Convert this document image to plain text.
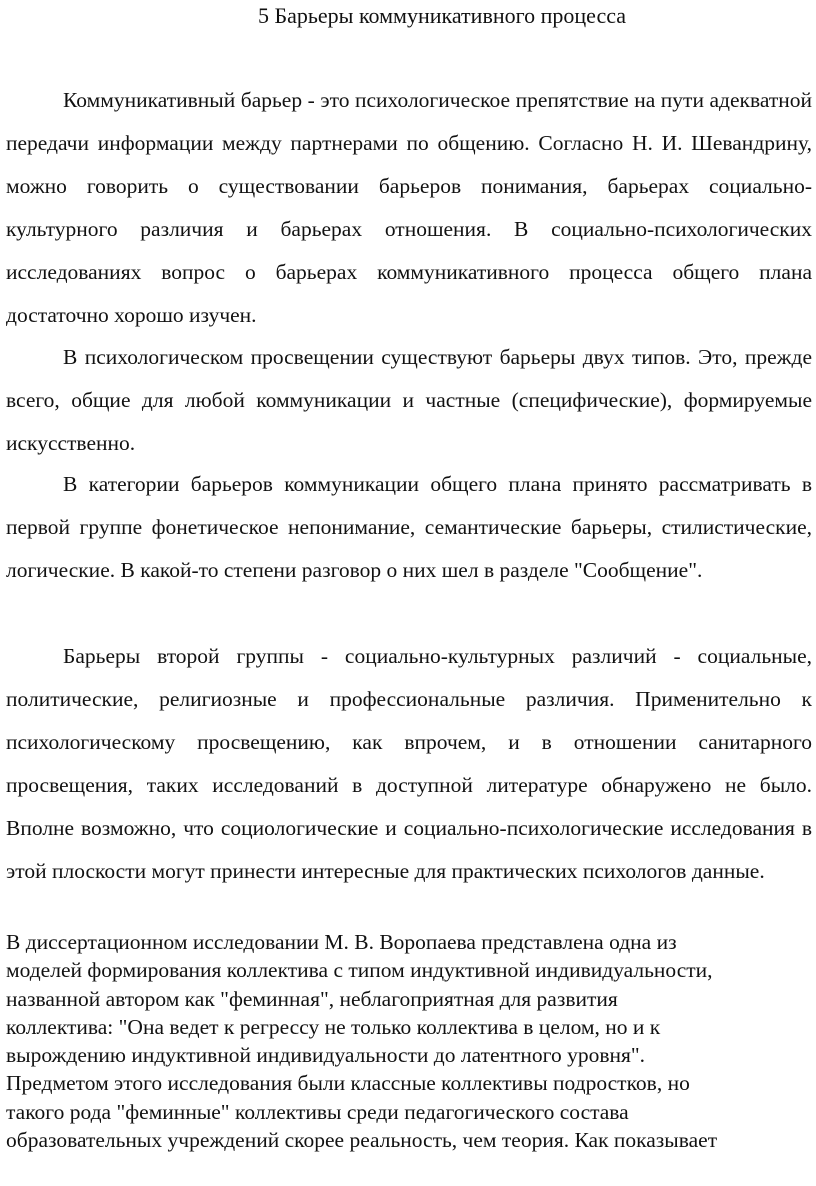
5 Барьеры коммуникативного процесса

Коммуникативный барьер - это психологическое препятствие на пути адекватной передачи информации между партнерами по общению. Согласно Н. И. Шевандрину, можно говорить о существовании барьеров понимания, барьерах социально-культурного различия и барьерах отношения. В социально-психологических исследованиях вопрос о барьерах коммуникативного процесса общего плана достаточно хорошо изучен.

В психологическом просвещении существуют барьеры двух типов. Это, прежде всего, общие для любой коммуникации и частные (специфические), формируемые искусственно.

В категории барьеров коммуникации общего плана принято рассматривать в первой группе фонетическое непонимание, семантические барьеры, стилистические, логические. В какой-то степени разговор о них шел в разделе "Сообщение".

Барьеры второй группы - социально-культурных различий - социальные, политические, религиозные и профессиональные различия. Применительно к психологическому просвещению, как впрочем, и в отношении санитарного просвещения, таких исследований в доступной литературе обнаружено не было. Вполне возможно, что социологические и социально-психологические исследования в этой плоскости могут принести интересные для практических психологов данные.

В диссертационном исследовании М. В. Воропаева представлена одна из
моделей формирования коллектива с типом индуктивной индивидуальности,
названной автором как "феминная", неблагоприятная для развития
коллектива: "Она ведет к регрессу не только коллектива в целом, но и к
вырождению индуктивной индивидуальности до латентного уровня".
Предметом этого исследования были классные коллективы подростков, но
такого рода "феминные" коллективы среди педагогического состава
образовательных учреждений скорее реальность, чем теория. Как показывает
